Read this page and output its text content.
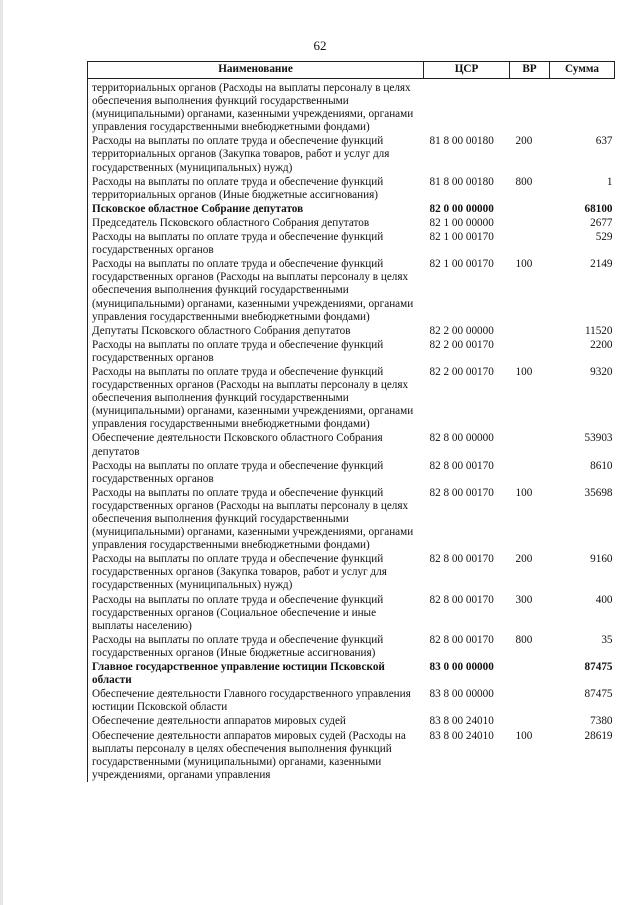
62
Наименование	ЦСР	ВР	Сумма
территориальных органов (Расходы на выплаты персоналу в целях обеспечения выполнения функций государственными (муниципальными) органами, казенными учреждениями, органами управления государственными внебюджетными фондами)			
Расходы на выплаты по оплате труда и обеспечение функций территориальных органов (Закупка товаров, работ и услуг для государственных (муниципальных) нужд)	81 8 00 00180	200	637
Расходы на выплаты по оплате труда и обеспечение функций территориальных органов (Иные бюджетные ассигнования)	81 8 00 00180	800	1
Псковское областное Собрание депутатов	82 0 00 00000		68100
Председатель Псковского областного Собрания депутатов	82 1 00 00000		2677
Расходы на выплаты по оплате труда и обеспечение функций государственных органов	82 1 00 00170		529
Расходы на выплаты по оплате труда и обеспечение функций государственных органов (Расходы на выплаты персоналу в целях обеспечения выполнения функций государственными (муниципальными) органами, казенными учреждениями, органами управления государственными внебюджетными фондами)	82 1 00 00170	100	2149
Депутаты Псковского областного Собрания депутатов	82 2 00 00000		11520
Расходы на выплаты по оплате труда и обеспечение функций государственных органов	82 2 00 00170		2200
Расходы на выплаты по оплате труда и обеспечение функций государственных органов (Расходы на выплаты персоналу в целях обеспечения выполнения функций государственными (муниципальными) органами, казенными учреждениями, органами управления государственными внебюджетными фондами)	82 2 00 00170	100	9320
Обеспечение деятельности Псковского областного Собрания депутатов	82 8 00 00000		53903
Расходы на выплаты по оплате труда и обеспечение функций государственных органов	82 8 00 00170		8610
Расходы на выплаты по оплате труда и обеспечение функций государственных органов (Расходы на выплаты персоналу в целях обеспечения выполнения функций государственными (муниципальными) органами, казенными учреждениями, органами управления государственными внебюджетными фондами)	82 8 00 00170	100	35698
Расходы на выплаты по оплате труда и обеспечение функций государственных органов (Закупка товаров, работ и услуг для государственных (муниципальных) нужд)	82 8 00 00170	200	9160
Расходы на выплаты по оплате труда и обеспечение функций государственных органов (Социальное обеспечение и иные выплаты населению)	82 8 00 00170	300	400
Расходы на выплаты по оплате труда и обеспечение функций государственных органов (Иные бюджетные ассигнования)	82 8 00 00170	800	35
Главное государственное управление юстиции Псковской области	83 0 00 00000		87475
Обеспечение деятельности Главного государственного управления юстиции Псковской области	83 8 00 00000		87475
Обеспечение деятельности аппаратов мировых судей	83 8 00 24010		7380
Обеспечение деятельности аппаратов мировых судей (Расходы на выплаты персоналу в целях обеспечения выполнения функций государственными (муниципальными) органами, казенными учреждениями, органами управления	83 8 00 24010	100	28619
